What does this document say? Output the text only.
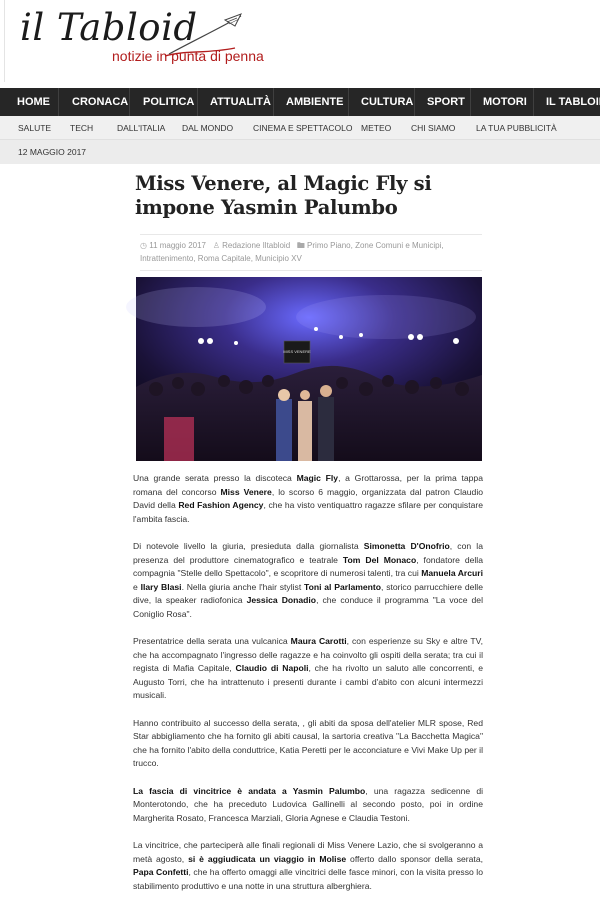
il Tabloid
notizie in punta di penna
HOME CRONACA POLITICA ATTUALITÀ AMBIENTE CULTURA SPORT MOTORI IL TABLOID T
SALUTE TECH	DALL'ITALIA DAL MONDO CINEMA E SPETTACOLO METEO CHI SIAMO LA TUA PUBBLICITÀ
12 MAGGIO 2017
Miss Venere, al Magic Fly si impone Yasmin Palumbo
◷ 11 maggio 2017 ♙ Redazione Iltabloid 🖿 Primo Piano, Zone Comuni e Municipi,
Intrattenimento, Roma Capitale, Municipio XV
MISS VENERE

Una grande serata presso la discoteca Magic Fly, a Grottarossa, per la prima tappa romana del concorso Miss Venere, lo scorso 6 maggio, organizzata dal patron Claudio David della Red Fashion Agency, che ha visto ventiquattro ragazze sfilare per conquistare l'ambita fascia.

Di notevole livello la giuria, presieduta dalla giornalista Simonetta D'Onofrio, con la presenza del produttore cinematografico e teatrale Tom Del Monaco, fondatore della compagnia "Stelle dello Spettacolo", e scopritore di numerosi talenti, tra cui Manuela Arcuri e Ilary Blasi. Nella giuria anche l'hair stylist Toni al Parlamento, storico parrucchiere delle dive, la speaker radiofonica Jessica Donadio, che conduce il programma "La voce del Coniglio Rosa".

Presentatrice della serata una vulcanica Maura Carotti, con esperienze su Sky e altre TV, che ha accompagnato l'ingresso delle ragazze e ha coinvolto gli ospiti della serata; tra cui il regista di Mafia Capitale, Claudio di Napoli, che ha rivolto un saluto alle concorrenti, e Augusto Torri, che ha intrattenuto i presenti durante i cambi d'abito con alcuni intermezzi musicali.

Hanno contribuito al successo della serata, , gli abiti da sposa dell'atelier MLR spose, Red Star abbigliamento che ha fornito gli abiti causal, la sartoria creativa "La Bacchetta Magica" che ha fornito l'abito della conduttrice, Katia Peretti per le acconciature e Vivi Make Up per il trucco.

La fascia di vincitrice è andata a Yasmin Palumbo, una ragazza sedicenne di Monterotondo, che ha preceduto Ludovica Gallinelli al secondo posto, poi in ordine Margherita Rosato, Francesca Marziali, Gloria Agnese e Claudia Testoni.

La vincitrice, che parteciperà alle finali regionali di Miss Venere Lazio, che si svolgeranno a metà agosto, si è aggiudicata un viaggio in Molise offerto dallo sponsor della serata, Papa Confetti, che ha offerto omaggi alle vincitrici delle fasce minori, con la visita presso lo stabilimento produttivo e una notte in una struttura alberghiera.
